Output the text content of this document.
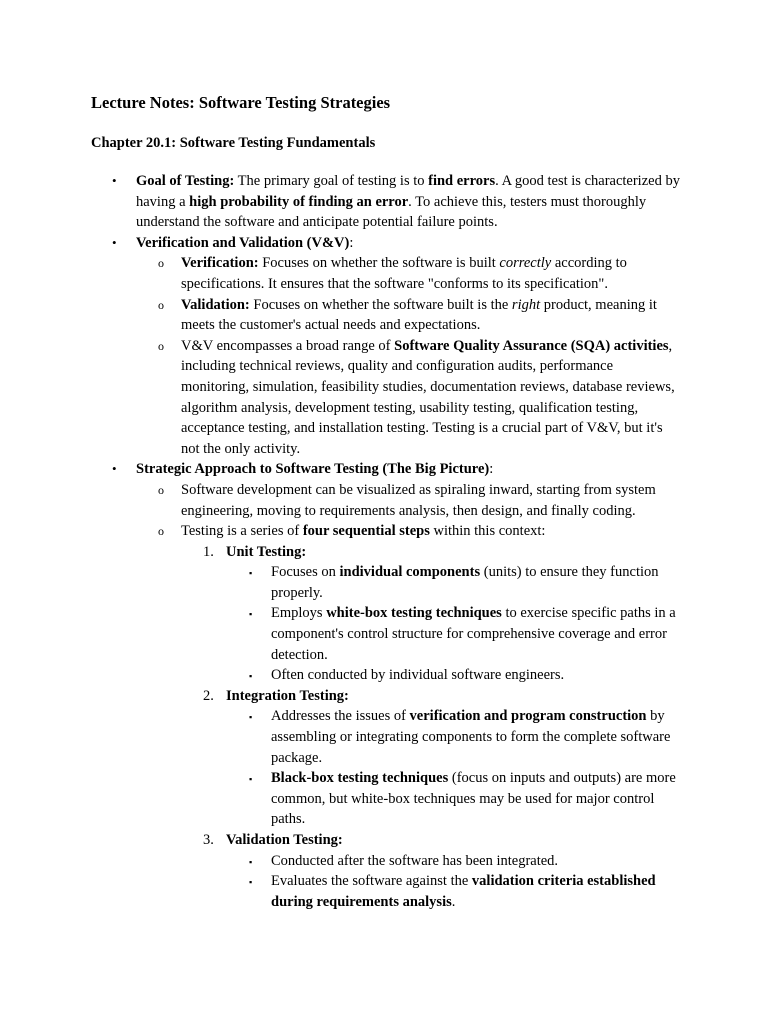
Lecture Notes: Software Testing Strategies
Chapter 20.1: Software Testing Fundamentals
• Goal of Testing: The primary goal of testing is to find errors. A good test is characterized by having a high probability of finding an error. To achieve this, testers must thoroughly understand the software and anticipate potential failure points.
• Verification and Validation (V&V):
o Verification: Focuses on whether the software is built correctly according to specifications. It ensures that the software "conforms to its specification".
o Validation: Focuses on whether the software built is the right product, meaning it meets the customer's actual needs and expectations.
o V&V encompasses a broad range of Software Quality Assurance (SQA) activities, including technical reviews, quality and configuration audits, performance monitoring, simulation, feasibility studies, documentation reviews, database reviews, algorithm analysis, development testing, usability testing, qualification testing, acceptance testing, and installation testing. Testing is a crucial part of V&V, but it's not the only activity.
• Strategic Approach to Software Testing (The Big Picture):
o Software development can be visualized as spiraling inward, starting from system engineering, moving to requirements analysis, then design, and finally coding.
o Testing is a series of four sequential steps within this context:
1. Unit Testing:
▪ Focuses on individual components (units) to ensure they function properly.
▪ Employs white-box testing techniques to exercise specific paths in a component's control structure for comprehensive coverage and error detection.
▪ Often conducted by individual software engineers.
2. Integration Testing:
▪ Addresses the issues of verification and program construction by assembling or integrating components to form the complete software package.
▪ Black-box testing techniques (focus on inputs and outputs) are more common, but white-box techniques may be used for major control paths.
3. Validation Testing:
▪ Conducted after the software has been integrated.
▪ Evaluates the software against the validation criteria established during requirements analysis.
